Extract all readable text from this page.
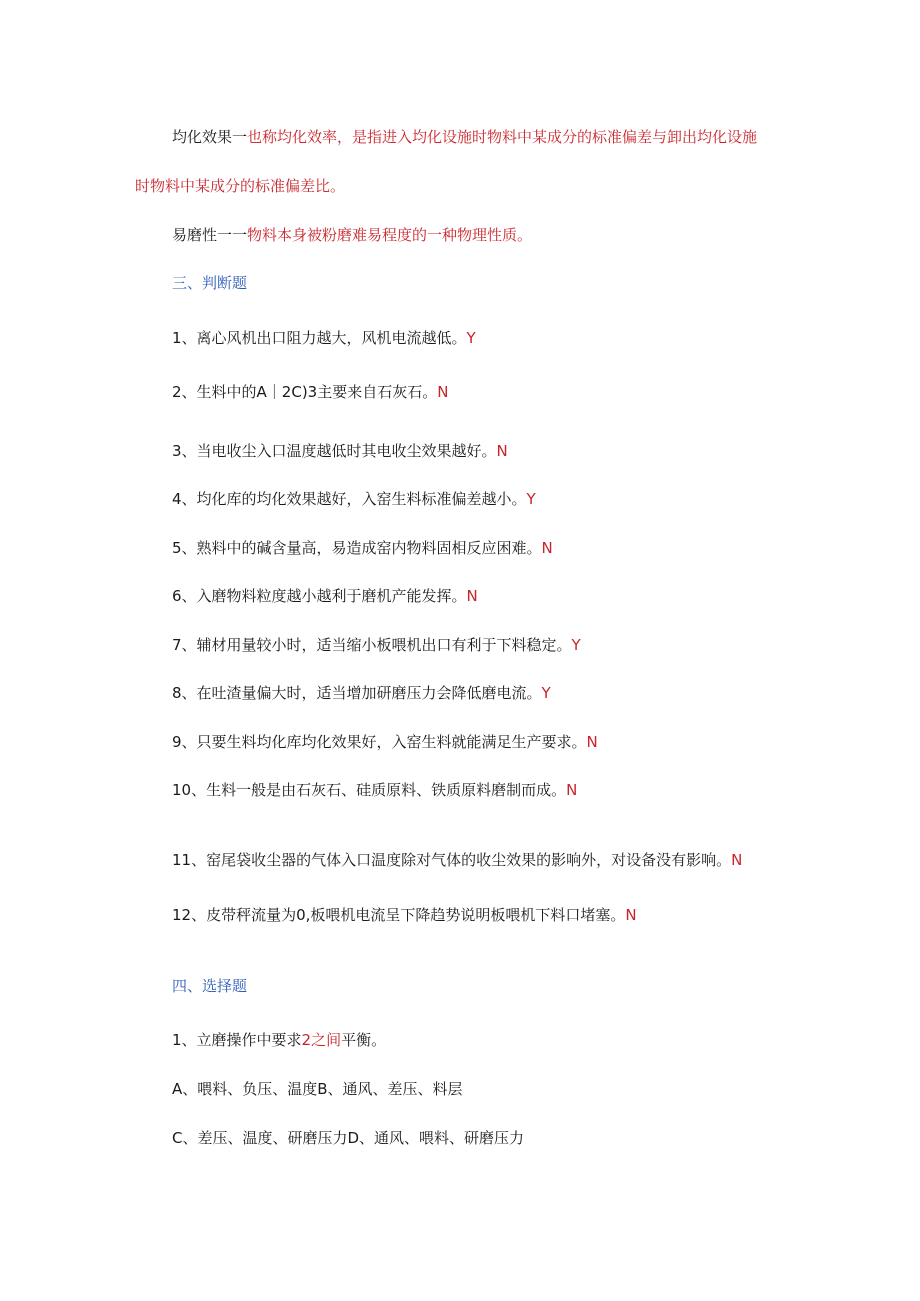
均化效果一也称均化效率，是指进入均化设施时物料中某成分的标准偏差与卸出均化设施
时物料中某成分的标准偏差比。
易磨性一一物料本身被粉磨难易程度的一种物理性质。
三、判断题
1、离心风机出口阻力越大，风机电流越低。Y
2、生料中的A｜2C)3主要来自石灰石。N
3、当电收尘入口温度越低时其电收尘效果越好。N
4、均化库的均化效果越好，入窑生料标准偏差越小。Y
5、熟料中的碱含量高，易造成窑内物料固相反应困难。N
6、入磨物料粒度越小越利于磨机产能发挥。N
7、辅材用量较小时，适当缩小板喂机出口有利于下料稳定。Y
8、在吐渣量偏大时，适当增加研磨压力会降低磨电流。Y
9、只要生料均化库均化效果好，入窑生料就能满足生产要求。N
10、生料一般是由石灰石、硅质原料、铁质原料磨制而成。N
11、窑尾袋收尘器的气体入口温度除对气体的收尘效果的影响外，对设备没有影响。N
12、皮带秤流量为0,板喂机电流呈下降趋势说明板喂机下料口堵塞。N
四、选择题
1、立磨操作中要求2之间平衡。
A、喂料、负压、温度B、通风、差压、料层
C、差压、温度、研磨压力D、通风、喂料、研磨压力
